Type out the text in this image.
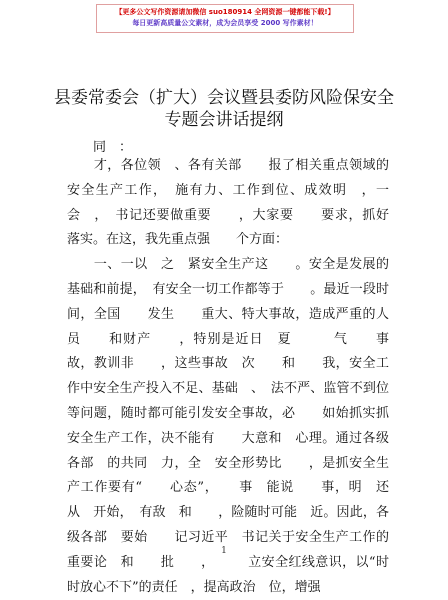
【更多公文写作资源请加微信 suo180914 全网资源一键都能下载!】
每日更新高质量公文素材，成为会员享受 2000 写作素材！
县委常委会（扩大）会议暨县委防风险保安全
专题会讲话提纲
同　：

　　才，各位领　、各有关部　　报了相关重点领域的安全生产工作，　施有力、工作到位、成效明　，一会　，　书记还要做重要　　，大家要　　要求，抓好　　落实。在这，我先重点强　　个方面：

　　一、一以　之　紧安全生产这　　。安全是发展的基础和前提，　有安全一切工作都等于　　。最近一段时间，全国　　发生　　重大、特大事故，造成严重的人员　　和财产　　，特别是近日　夏　　　气　　事故，教训非　　，这些事故　次　　和　　我，安全工作中安全生产投入不足、基础　、　法不严、监管不到位等问题，随时都可能引发安全事故，必　　如始抓实抓　安全生产工作，决不能有　　大意和　心理。通过各级各部　的共同　力，全　安全形势比　　，是抓安全生产工作要有“　　心态”，　　事　能说　　事，明　还　从　开始，　有敌　和　　，险随时可能　近。因此，各级各部　要始　　记习近平　书记关于安全生产工作的重要论　和　　批　　，　　　立安全红线意识，以“时时放心不下”的责任　，提高政治　位，增强

1
